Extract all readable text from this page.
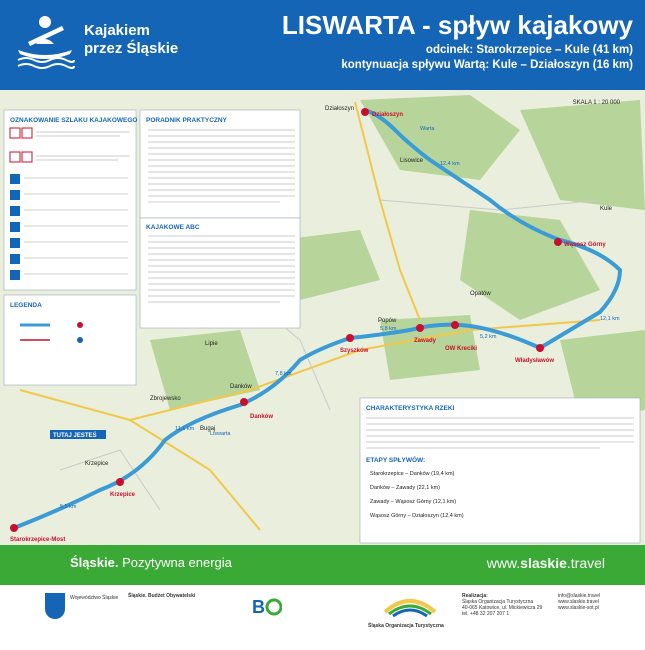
Kajakiem
przez Śląskie
LISWARTA - spływ kajakowy
odcinek: Starokrzepice – Kule (41 km)
kontynuacja spływu Wartą: Kule – Działoszyn (16 km)
OZNAKOWANIE SZLAKU KAJAKOWEGO PORADNIK PRAKTYCZNY
KAJAKOWE ABC
LEGENDA
CHARAKTERYSTYKA RZEKI
ETAPY SPŁYWÓW:
Działoszyn
Wąsosz Górny
Władysławów
OW Kreciki
Zawady
Szyszków
Danków
Krzepice
Starokrzepice-Most
Działoszyn
Lisowice
Popów
Lipie
Krzepice
Opatów
Kule
Bugaj
Danków
Zbrojewsko
Warta
Liswarta
12,4 km
12,1 km
5,2 km
5,8 km
7,8 km
11,1 km
5,5 km
TUTAJ JESTEŚ
Starokrzepice – Danków (19,4 km)
Danków – Zawady (22,1 km)
Zawady – Wąsosz Górny (12,1 km)
Wąsosz Górny – Działoszyn (12,4 km)
SKALA 1 : 20 000
Śląskie. Pozytywna energia	www.slaskie.travel
Województwo Śląskie	Śląskie. Budżet Obywatelski
B
Śląska Organizacja Turystyczna
Realizacja:
Śląska Organizacja Turystyczna
40-065 Katowice, ul. Mickiewicza 29
tel. +48 32 207 207 1
info@slaskie.travel
www.slaskie.travel
www.slaskie-sot.pl
